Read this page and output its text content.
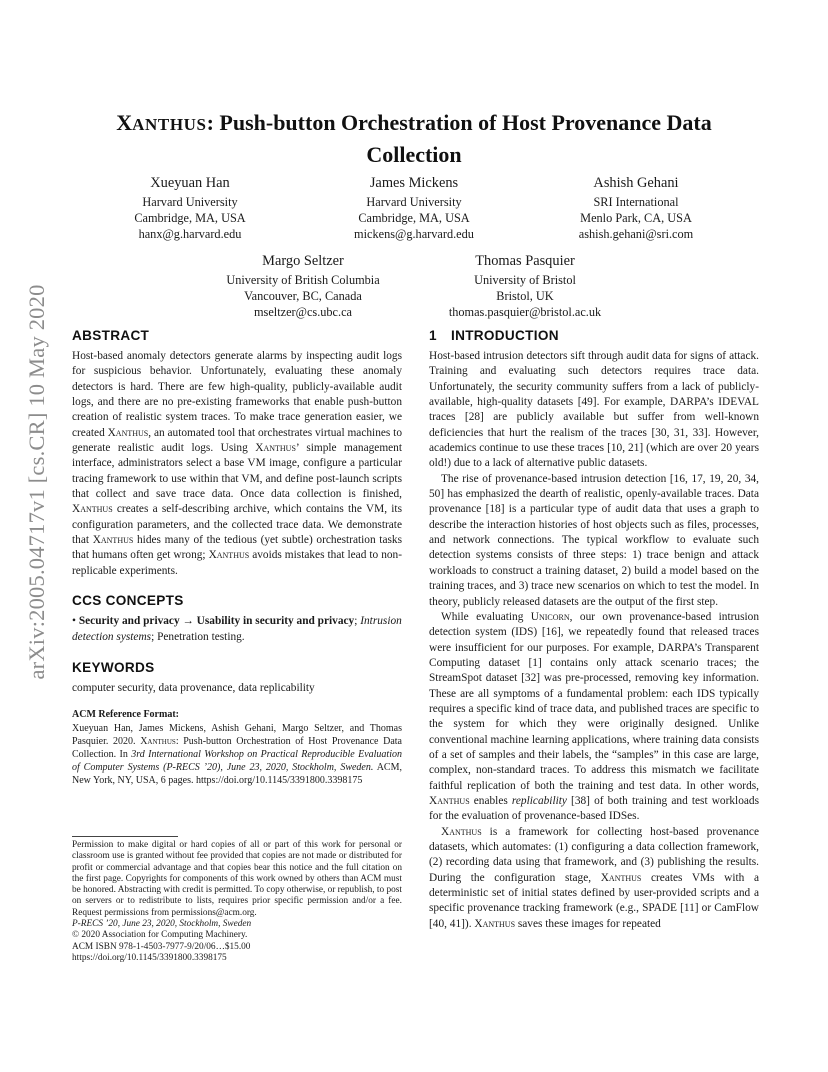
arXiv:2005.04717v1 [cs.CR] 10 May 2020
XANTHUS: Push-button Orchestration of Host Provenance Data Collection
Xueyuan Han
Harvard University
Cambridge, MA, USA
hanx@g.harvard.edu
James Mickens
Harvard University
Cambridge, MA, USA
mickens@g.harvard.edu
Ashish Gehani
SRI International
Menlo Park, CA, USA
ashish.gehani@sri.com
Margo Seltzer
University of British Columbia
Vancouver, BC, Canada
mseltzer@cs.ubc.ca
Thomas Pasquier
University of Bristol
Bristol, UK
thomas.pasquier@bristol.ac.uk
ABSTRACT

Host-based anomaly detectors generate alarms by inspecting audit logs for suspicious behavior. Unfortunately, evaluating these anomaly detectors is hard. There are few high-quality, publicly-available audit logs, and there are no pre-existing frameworks that enable push-button creation of realistic system traces. To make trace generation easier, we created Xanthus, an automated tool that orchestrates virtual machines to generate realistic audit logs. Using Xanthus’ simple management interface, administrators select a base VM image, configure a particular tracing framework to use within that VM, and define post-launch scripts that collect and save trace data. Once data collection is finished, Xanthus creates a self-describing archive, which contains the VM, its configuration parameters, and the collected trace data. We demonstrate that Xanthus hides many of the tedious (yet subtle) orchestration tasks that humans often get wrong; Xanthus avoids mistakes that lead to non-replicable experiments.

CCS CONCEPTS

• Security and privacy → Usability in security and privacy; Intrusion detection systems; Penetration testing.

KEYWORDS

computer security, data provenance, data replicability

ACM Reference Format:

Xueyuan Han, James Mickens, Ashish Gehani, Margo Seltzer, and Thomas Pasquier. 2020. Xanthus: Push-button Orchestration of Host Provenance Data Collection. In 3rd International Workshop on Practical Reproducible Evaluation of Computer Systems (P-RECS ’20), June 23, 2020, Stockholm, Sweden. ACM, New York, NY, USA, 6 pages. https://doi.org/10.1145/3391800.3398175

Permission to make digital or hard copies of all or part of this work for personal or classroom use is granted without fee provided that copies are not made or distributed for profit or commercial advantage and that copies bear this notice and the full citation on the first page. Copyrights for components of this work owned by others than ACM must be honored. Abstracting with credit is permitted. To copy otherwise, or republish, to post on servers or to redistribute to lists, requires prior specific permission and/or a fee. Request permissions from permissions@acm.org.

P-RECS ’20, June 23, 2020, Stockholm, Sweden

© 2020 Association for Computing Machinery.

ACM ISBN 978-1-4503-7977-9/20/06…$15.00

https://doi.org/10.1145/3391800.3398175

1 INTRODUCTION

Host-based intrusion detectors sift through audit data for signs of attack. Training and evaluating such detectors requires trace data. Unfortunately, the security community suffers from a lack of publicly-available, high-quality datasets [49]. For example, DARPA’s IDEVAL traces [28] are publicly available but suffer from well-known deficiencies that hurt the realism of the traces [30, 31, 33]. However, academics continue to use these traces [10, 21] (which are over 20 years old!) due to a lack of alternative public datasets.

The rise of provenance-based intrusion detection [16, 17, 19, 20, 34, 50] has emphasized the dearth of realistic, openly-available traces. Data provenance [18] is a particular type of audit data that uses a graph to describe the interaction histories of host objects such as files, processes, and network connections. The typical workflow to evaluate such detection systems consists of three steps: 1) trace benign and attack workloads to construct a training dataset, 2) build a model based on the training traces, and 3) trace new scenarios on which to test the model. In theory, publicly released datasets are the output of the first step.

While evaluating Unicorn, our own provenance-based intrusion detection system (IDS) [16], we repeatedly found that released traces were insufficient for our purposes. For example, DARPA’s Transparent Computing dataset [1] contains only attack scenario traces; the StreamSpot dataset [32] was pre-processed, removing key information. These are all symptoms of a fundamental problem: each IDS typically requires a specific kind of trace data, and published traces are specific to the system for which they were originally designed. Unlike conventional machine learning applications, where training data consists of a set of samples and their labels, the “samples” in this case are large, complex, non-standard traces. To address this mismatch we facilitate faithful replication of both the training and test data. In other words, Xanthus enables replicability [38] of both training and test workloads for the evaluation of provenance-based IDSes.

Xanthus is a framework for collecting host-based provenance datasets, which automates: (1) configuring a data collection framework, (2) recording data using that framework, and (3) publishing the results. During the configuration stage, Xanthus creates VMs with a deterministic set of initial states defined by user-provided scripts and a specific provenance tracking framework (e.g., SPADE [11] or CamFlow [40, 41]). Xanthus saves these images for repeated
